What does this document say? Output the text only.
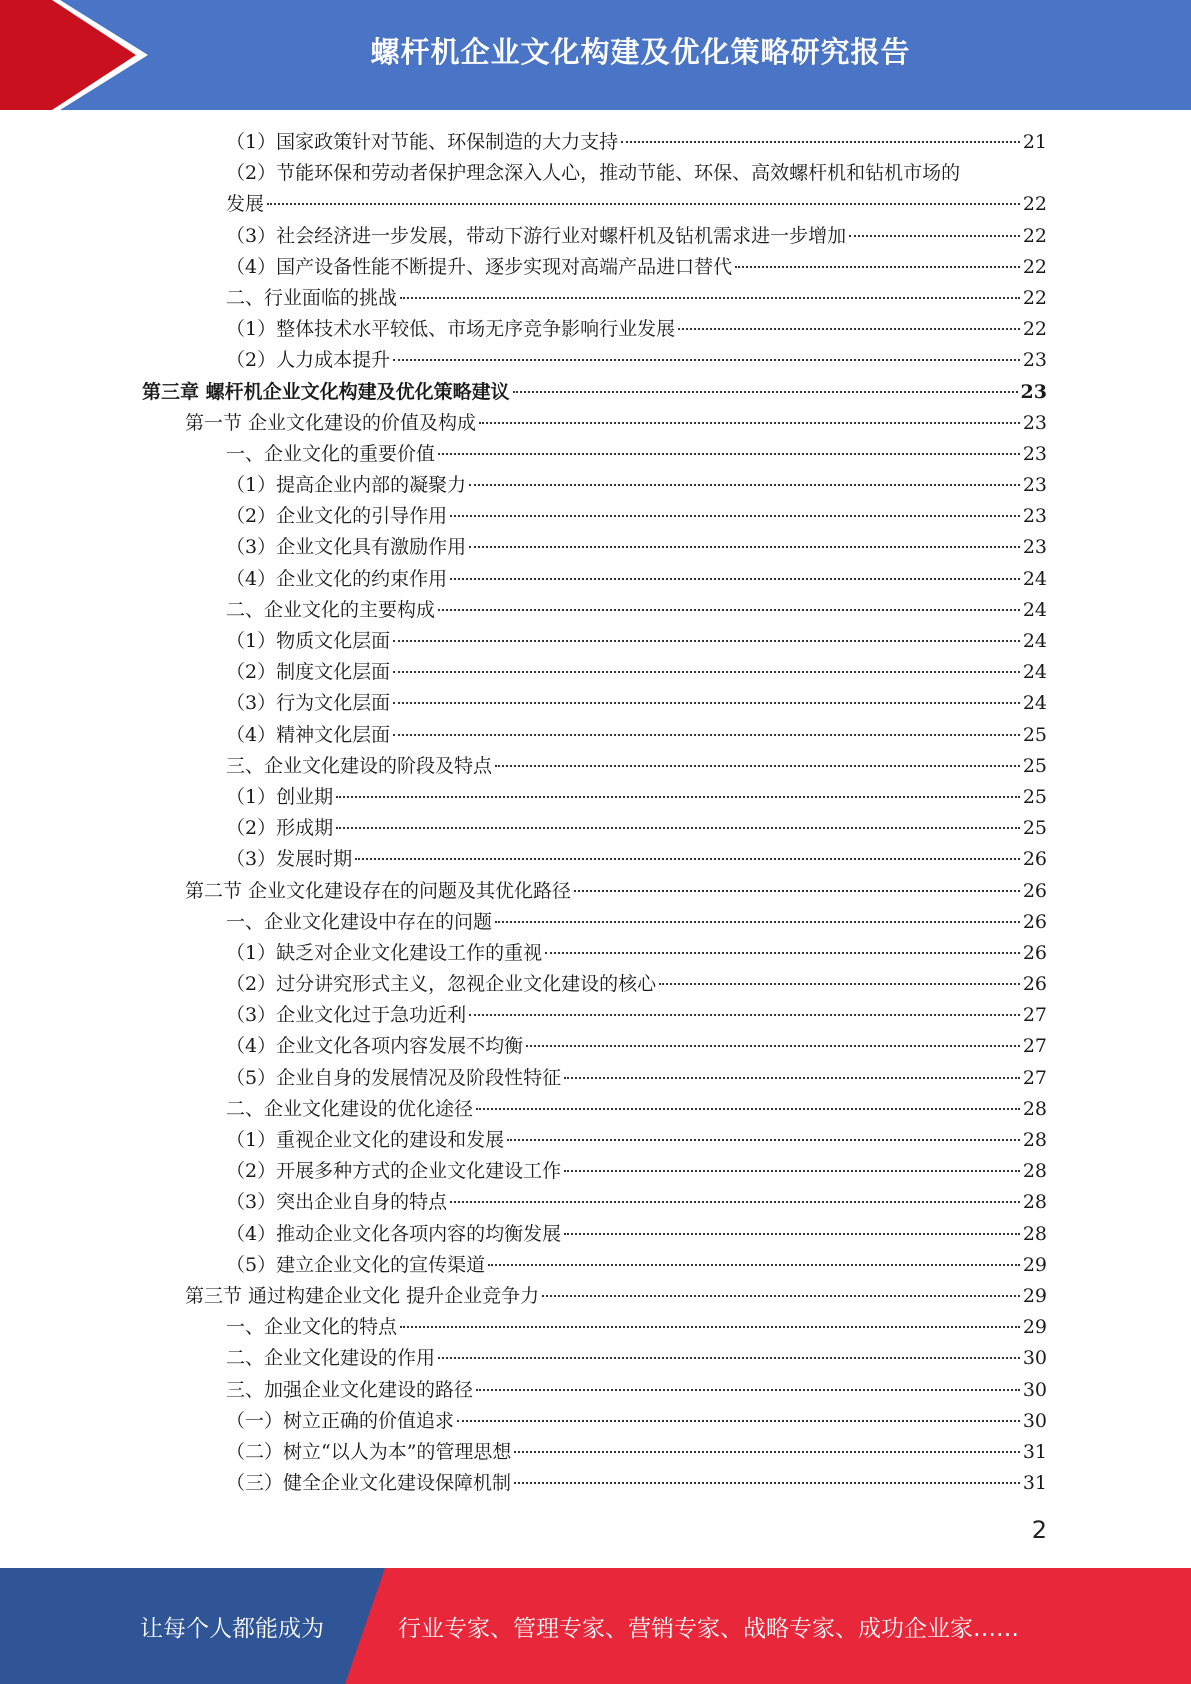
螺杆机企业文化构建及优化策略研究报告
（1）国家政策针对节能、环保制造的大力支持	21
（2）节能环保和劳动者保护理念深入人心，推动节能、环保、高效螺杆机和钻机市场的
发展	22
（3）社会经济进一步发展，带动下游行业对螺杆机及钻机需求进一步增加	22
（4）国产设备性能不断提升、逐步实现对高端产品进口替代	22
二、行业面临的挑战	22
（1）整体技术水平较低、市场无序竞争影响行业发展	22
（2）人力成本提升	23
第三章 螺杆机企业文化构建及优化策略建议	23
第一节 企业文化建设的价值及构成	23
一、企业文化的重要价值	23
（1）提高企业内部的凝聚力	23
（2）企业文化的引导作用	23
（3）企业文化具有激励作用	23
（4）企业文化的约束作用	24
二、企业文化的主要构成	24
（1）物质文化层面	24
（2）制度文化层面	24
（3）行为文化层面	24
（4）精神文化层面	25
三、企业文化建设的阶段及特点	25
（1）创业期	25
（2）形成期	25
（3）发展时期	26
第二节 企业文化建设存在的问题及其优化路径	26
一、企业文化建设中存在的问题	26
（1）缺乏对企业文化建设工作的重视	26
（2）过分讲究形式主义，忽视企业文化建设的核心	26
（3）企业文化过于急功近利	27
（4）企业文化各项内容发展不均衡	27
（5）企业自身的发展情况及阶段性特征	27
二、企业文化建设的优化途径	28
（1）重视企业文化的建设和发展	28
（2）开展多种方式的企业文化建设工作	28
（3）突出企业自身的特点	28
（4）推动企业文化各项内容的均衡发展	28
（5）建立企业文化的宣传渠道	29
第三节 通过构建企业文化 提升企业竞争力	29
一、企业文化的特点	29
二、企业文化建设的作用	30
三、加强企业文化建设的路径	30
（一）树立正确的价值追求	30
（二）树立“以人为本”的管理思想	31
（三）健全企业文化建设保障机制	31
2
让每个人都能成为	行业专家、管理专家、营销专家、战略专家、成功企业家……
